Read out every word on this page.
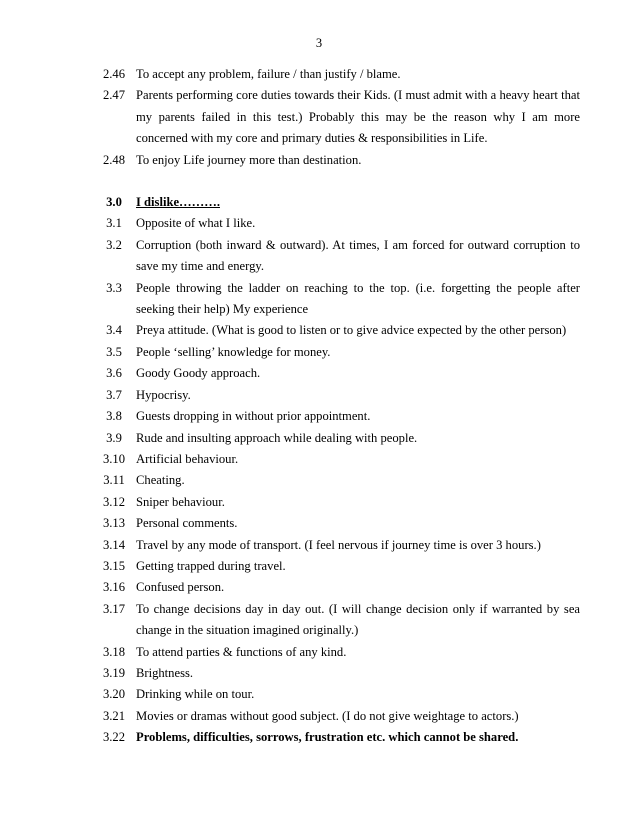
3
2.46 To accept any problem, failure / than justify / blame.
2.47 Parents performing core duties towards their Kids. (I must admit with a heavy heart that my parents failed in this test.) Probably this may be the reason why I am more concerned with my core and primary duties & responsibilities in Life.
2.48 To enjoy Life journey more than destination.
3.0	I dislike……….
3.1	Opposite of what I like.
3.2	Corruption (both inward & outward). At times, I am forced for outward corruption to save my time and energy.
3.3	People throwing the ladder on reaching to the top. (i.e. forgetting the people after seeking their help) My experience
3.4	Preya attitude. (What is good to listen or to give advice expected by the other person)
3.5	People ‘selling’ knowledge for money.
3.6	Goody Goody approach.
3.7	Hypocrisy.
3.8	Guests dropping in without prior appointment.
3.9	Rude and insulting approach while dealing with people.
3.10 Artificial behaviour.
3.11 Cheating.
3.12 Sniper behaviour.
3.13 Personal comments.
3.14 Travel by any mode of transport. (I feel nervous if journey time is over 3 hours.)
3.15 Getting trapped during travel.
3.16 Confused person.
3.17 To change decisions day in day out. (I will change decision only if warranted by sea change in the situation imagined originally.)
3.18 To attend parties & functions of any kind.
3.19 Brightness.
3.20 Drinking while on tour.
3.21 Movies or dramas without good subject. (I do not give weightage to actors.)
3.22 Problems, difficulties, sorrows, frustration etc. which cannot be shared.
